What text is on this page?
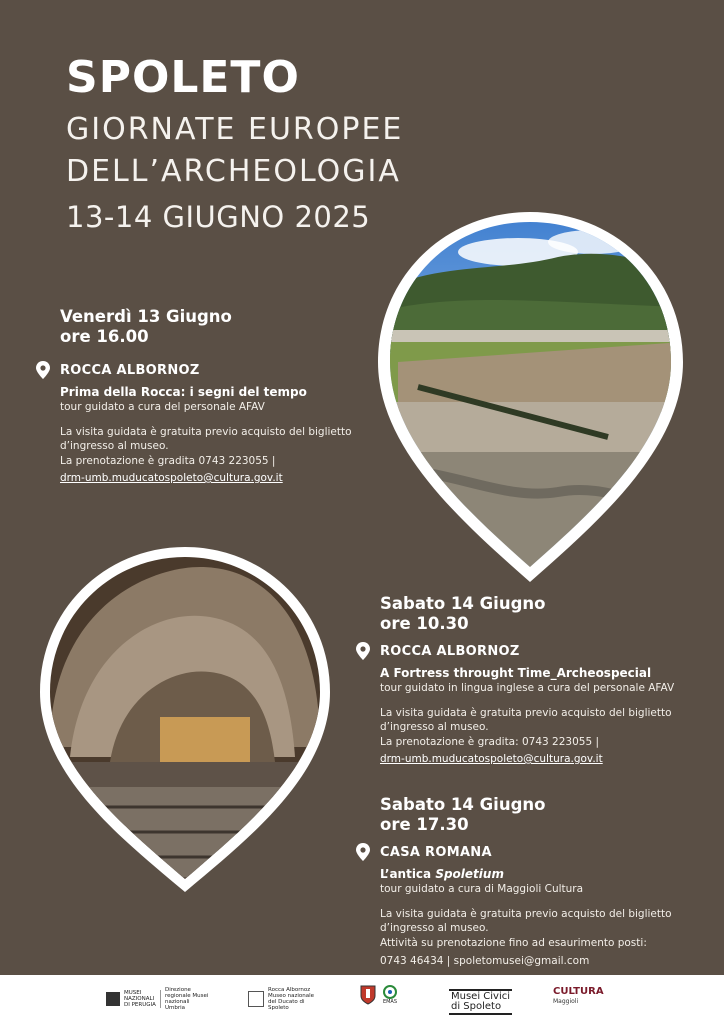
SPOLETO
GIORNATE EUROPEE
DELL’ARCHEOLOGIA
13-14 GIUGNO 2025
Venerdì 13 Giugno
ore 16.00
ROCCA ALBORNOZ
Prima della Rocca: i segni del tempo
tour guidato a cura del personale AFAV
La visita guidata è gratuita previo acquisto del biglietto d’ingresso al museo.
La prenotazione è gradita 0743 223055 |
drm-umb.muducatospoleto@cultura.gov.it
Sabato 14 Giugno
ore 10.30
ROCCA ALBORNOZ
A Fortress throught Time_Archeospecial
tour guidato in lingua inglese a cura del personale AFAV
La visita guidata è gratuita previo acquisto del biglietto d’ingresso al museo.
La prenotazione è gradita: 0743 223055 |
drm-umb.muducatospoleto@cultura.gov.it
Sabato 14 Giugno
ore 17.30
CASA ROMANA
L’antica Spoletium
tour guidato a cura di Maggioli Cultura
La visita guidata è gratuita previo acquisto del biglietto d’ingresso al museo.
Attività su prenotazione fino ad esaurimento posti:
0743 46434 | spoletomusei@gmail.com
MUSEI NAZIONALI DI PERUGIA
Direzione regionale Musei nazionali Umbria
Rocca Albornoz Museo nazionale del Ducato di Spoleto
EMAS	Musei Civici
di Spoleto
CULTURA
Maggioli
